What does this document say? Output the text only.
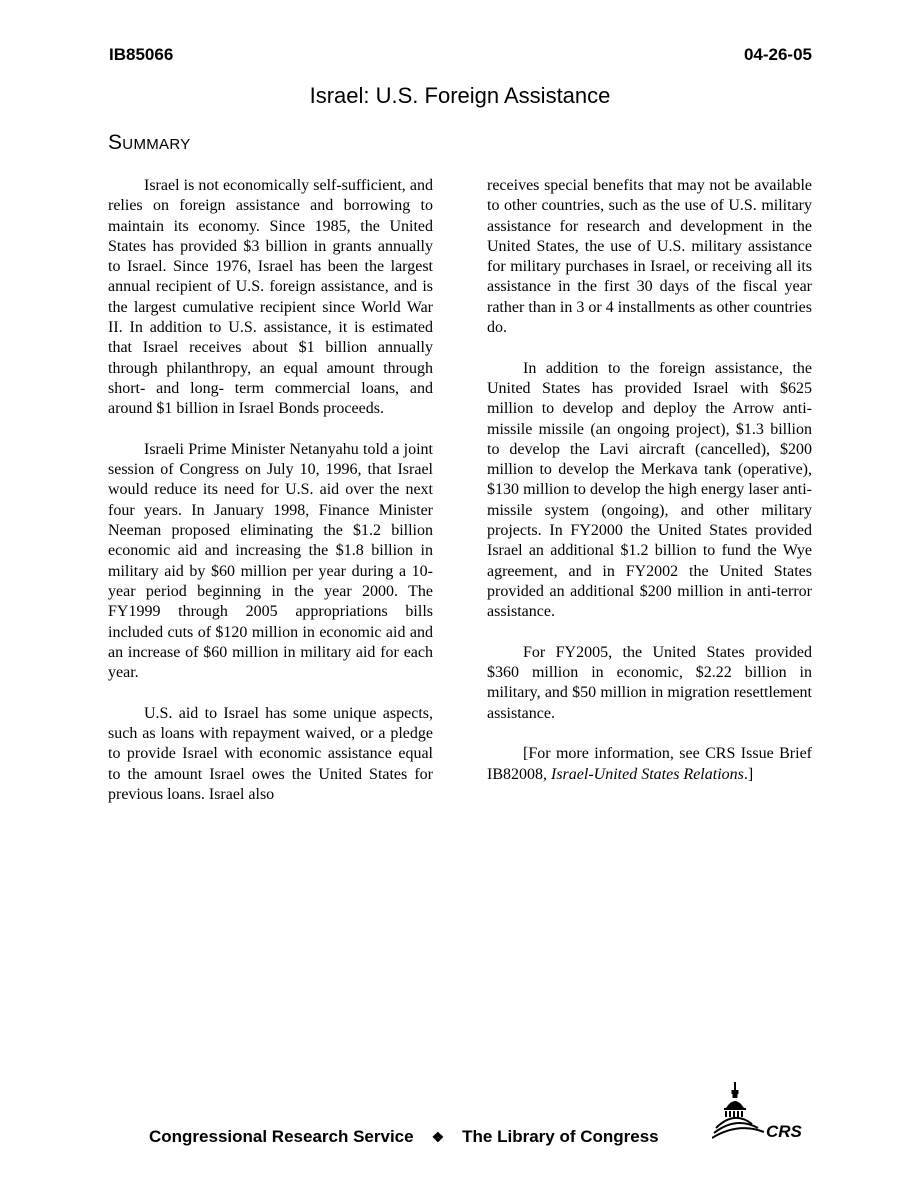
IB85066	04-26-05
Israel: U.S. Foreign Assistance
Summary

Israel is not economically self-sufficient, and relies on foreign assistance and borrowing to maintain its economy. Since 1985, the United States has provided $3 billion in grants annually to Israel. Since 1976, Israel has been the largest annual recipient of U.S. foreign assistance, and is the largest cumulative recipient since World War II. In addition to U.S. assistance, it is estimated that Israel receives about $1 billion annually through philanthropy, an equal amount through short- and long- term commercial loans, and around $1 billion in Israel Bonds proceeds.

Israeli Prime Minister Netanyahu told a joint session of Congress on July 10, 1996, that Israel would reduce its need for U.S. aid over the next four years. In January 1998, Finance Minister Neeman proposed eliminating the $1.2 billion economic aid and increasing the $1.8 billion in military aid by $60 million per year during a 10-year period beginning in the year 2000. The FY1999 through 2005 appropriations bills included cuts of $120 million in economic aid and an increase of $60 million in military aid for each year.

U.S. aid to Israel has some unique aspects, such as loans with repayment waived, or a pledge to provide Israel with economic assistance equal to the amount Israel owes the United States for previous loans. Israel also

receives special benefits that may not be available to other countries, such as the use of U.S. military assistance for research and development in the United States, the use of U.S. military assistance for military purchases in Israel, or receiving all its assistance in the first 30 days of the fiscal year rather than in 3 or 4 installments as other countries do.

In addition to the foreign assistance, the United States has provided Israel with $625 million to develop and deploy the Arrow anti-missile missile (an ongoing project), $1.3 billion to develop the Lavi aircraft (cancelled), $200 million to develop the Merkava tank (operative), $130 million to develop the high energy laser anti-missile system (ongoing), and other military projects. In FY2000 the United States provided Israel an additional $1.2 billion to fund the Wye agreement, and in FY2002 the United States provided an additional $200 million in anti-terror assistance.

For FY2005, the United States provided $360 million in economic, $2.22 billion in military, and $50 million in migration resettlement assistance.

[For more information, see CRS Issue Brief IB82008, Israel-United States Relations.]

Congressional Research Service ❖ The Library of Congress	CRS
